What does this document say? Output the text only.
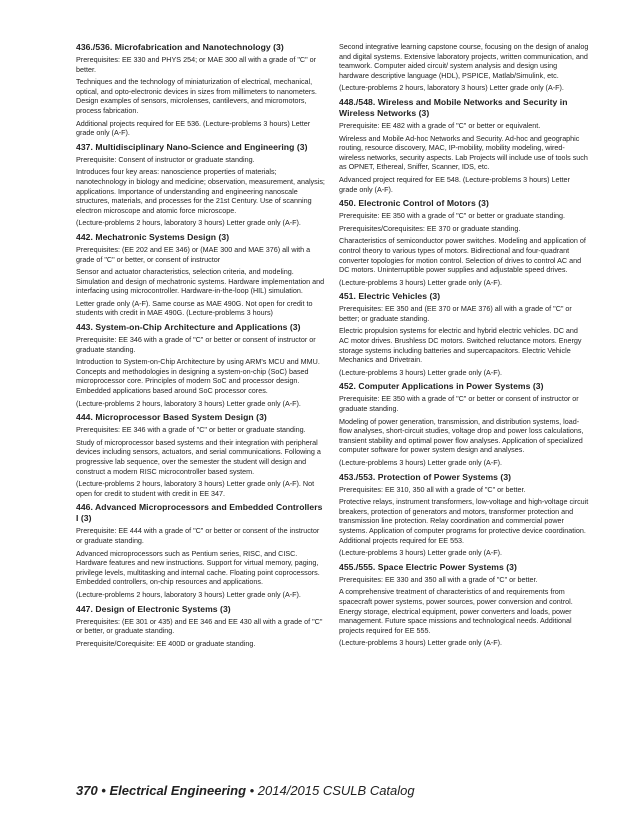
436./536. Microfabrication and Nanotechnology (3)
Prerequisites: EE 330 and PHYS 254; or MAE 300 all with a grade of "C" or better.
Techniques and the technology of miniaturization of electrical, mechanical, optical, and opto-electronic devices in sizes from millimeters to nanometers. Design examples of sensors, microlenses, cantilevers, and micromotors, process fabrication.
Additional projects required for EE 536. (Lecture-problems 3 hours) Letter grade only (A-F).
437. Multidisciplinary Nano-Science and Engineering (3)
Prerequisite: Consent of instructor or graduate standing.
Introduces four key areas: nanoscience properties of materials; nanotechnology in biology and medicine; observation, measurement, analysis; applications. Importance of understanding and engineering nanoscale structures, materials, and processes for the 21st Century. Use of scanning electron microscope and atomic force microscope.
(Lecture-problems 2 hours, laboratory 3 hours) Letter grade only (A-F).
442. Mechatronic Systems Design (3)
Prerequisites: (EE 202 and EE 346) or (MAE 300 and MAE 376) all with a grade of "C" or better, or consent of instructor
Sensor and actuator characteristics, selection criteria, and modeling. Simulation and design of mechatronic systems. Hardware implementation and interfacing using microcontroller. Hardware-in-the-loop (HIL) simulation.
Letter grade only (A-F). Same course as MAE 490G. Not open for credit to students with credit in MAE 490G. (Lecture-problems 3 hours)
443. System-on-Chip Architecture and Applications (3)
Prerequisite: EE 346 with a grade of "C" or better or consent of instructor or graduate standing.
Introduction to System-on-Chip Architecture by using ARM's MCU and MMU. Concepts and methodologies in designing a system-on-chip (SoC) based microprocessor core. Principles of modern SoC and processor design. Embedded applications based around SoC processor cores.
(Lecture-problems 2 hours, laboratory 3 hours) Letter grade only (A-F).
444. Microprocessor Based System Design (3)
Prerequisites: EE 346 with a grade of "C" or better or graduate standing.
Study of microprocessor based systems and their integration with peripheral devices including sensors, actuators, and serial communications. Following a progressive lab sequence, over the semester the student will design and construct a modern RISC microcontroller based system.
(Lecture-problems 2 hours, laboratory 3 hours) Letter grade only (A-F). Not open for credit to student with credit in EE 347.
446. Advanced Microprocessors and Embedded Controllers I (3)
Prerequisite: EE 444 with a grade of "C" or better or consent of the instructor or graduate standing.
Advanced microprocessors such as Pentium series, RISC, and CISC. Hardware features and new instructions. Support for virtual memory, paging, privilege levels, multitasking and internal cache. Floating point coprocessors. Embedded controllers, on-chip resources and applications.
(Lecture-problems 2 hours, laboratory 3 hours) Letter grade only (A-F).
447. Design of Electronic Systems (3)
Prerequisites: (EE 301 or 435) and EE 346 and EE 430 all with a grade of "C" or better, or graduate standing.
Prerequisite/Corequisite: EE 400D or graduate standing.
Second integrative learning capstone course, focusing on the design of analog and digital systems. Extensive laboratory projects, written communication, and teamwork. Computer aided circuit/ system analysis and design using hardware descriptive language (HDL), PSPICE, Matlab/Simulink, etc.
(Lecture-problems 2 hours, laboratory 3 hours) Letter grade only (A-F).
448./548. Wireless and Mobile Networks and Security in Wireless Networks (3)
Prerequisite: EE 482 with a grade of "C" or better or equivalent.
Wireless and Mobile Ad-hoc Networks and Security. Ad-hoc and geographic routing, resource discovery, MAC, IP-mobility, mobility modeling, wired-wireless networks, security aspects. Lab Projects will include use of tools such as OPNET, Ethereal, Sniffer, Scanner, IDS, etc.
Advanced project required for EE 548. (Lecture-problems 3 hours) Letter grade only (A-F).
450. Electronic Control of Motors (3)
Prerequisite: EE 350 with a grade of "C" or better or graduate standing.
Prerequisites/Corequisites: EE 370 or graduate standing.
Characteristics of semiconductor power switches. Modeling and application of control theory to various types of motors. Bidirectional and four-quadrant converter topologies for motion control. Selection of drives to control AC and DC motors. Uninterruptible power supplies and adjustable speed drives.
(Lecture-problems 3 hours) Letter grade only (A-F).
451. Electric Vehicles (3)
Prerequisites: EE 350 and (EE 370 or MAE 376) all with a grade of "C" or better; or graduate standing.
Electric propulsion systems for electric and hybrid electric vehicles. DC and AC motor drives. Brushless DC motors. Switched reluctance motors. Energy storage systems including batteries and supercapacitors. Electric Vehicle Mechanics and Drivetrain.
(Lecture-problems 3 hours) Letter grade only (A-F).
452. Computer Applications in Power Systems (3)
Prerequisite: EE 350 with a grade of "C" or better or consent of instructor or graduate standing.
Modeling of power generation, transmission, and distribution systems, load-flow analyses, short-circuit studies, voltage drop and power loss calculations, transient stability and optimal power flow analyses. Application of specialized computer software for power system design and analyses.
(Lecture-problems 3 hours) Letter grade only (A-F).
453./553. Protection of Power Systems (3)
Prerequisites: EE 310, 350 all with a grade of "C" or better.
Protective relays, instrument transformers, low-voltage and high-voltage circuit breakers, protection of generators and motors, transformer protection and transmission line protection. Relay coordination and commercial power systems. Application of computer programs for protective device coordination. Additional projects required for EE 553.
(Lecture-problems 3 hours) Letter grade only (A-F).
455./555. Space Electric Power Systems (3)
Prerequisites: EE 330 and 350 all with a grade of "C" or better.
A comprehensive treatment of characteristics of and requirements from spacecraft power systems, power sources, power conversion and control. Energy storage, electrical equipment, power converters and loads, power management. Future space missions and technological needs. Additional projects required for EE 555.
(Lecture-problems 3 hours) Letter grade only (A-F).
370 • Electrical Engineering • 2014/2015 CSULB Catalog
